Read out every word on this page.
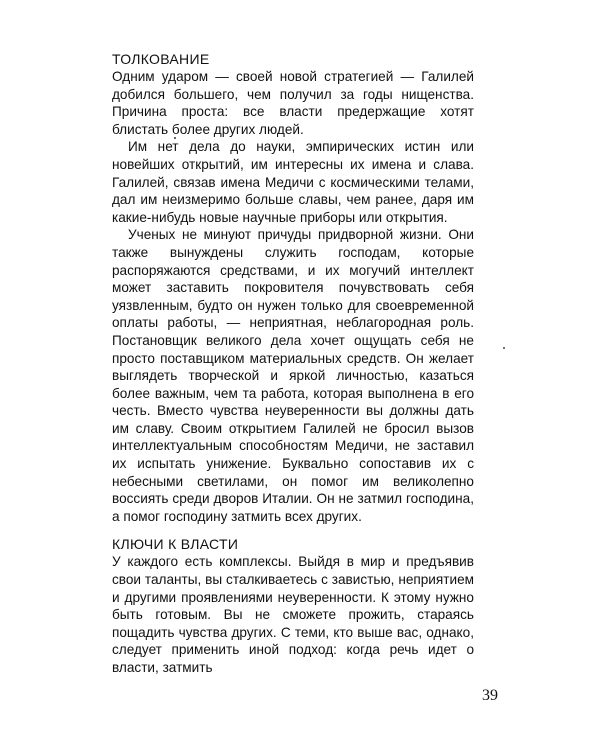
ТОЛКОВАНИЕ

Одним ударом — своей новой стратегией — Галилей добился большего, чем получил за годы нищенства. Причина проста: все власти предержащие хотят блистать более других людей.

Им нет дела до науки, эмпирических истин или новейших открытий, им интересны их имена и слава. Галилей, связав имена Медичи с космическими телами, дал им неизмеримо больше славы, чем ранее, даря им какие-нибудь новые научные приборы или открытия.

Ученых не минуют причуды придворной жизни. Они также вынуждены служить господам, которые распоряжаются средствами, и их могучий интеллект может заставить покровителя почувствовать себя уязвленным, будто он нужен только для своевременной оплаты работы, — неприятная, неблагородная роль. Постановщик великого дела хочет ощущать себя не просто поставщиком материальных средств. Он желает выглядеть творческой и яркой личностью, казаться более важным, чем та работа, которая выполнена в его честь. Вместо чувства неуверенности вы должны дать им славу. Своим открытием Галилей не бросил вызов интеллектуальным способностям Медичи, не заставил их испытать унижение. Буквально сопоставив их с небесными светилами, он помог им великолепно воссиять среди дворов Италии. Он не затмил господина, а помог господину затмить всех других.

КЛЮЧИ К ВЛАСТИ

У каждого есть комплексы. Выйдя в мир и предъявив свои таланты, вы сталкиваетесь с завистью, неприятием и другими проявлениями неуверенности. К этому нужно быть готовым. Вы не сможете прожить, стараясь пощадить чувства других. С теми, кто выше вас, однако, следует применить иной подход: когда речь идет о власти, затмить

39
